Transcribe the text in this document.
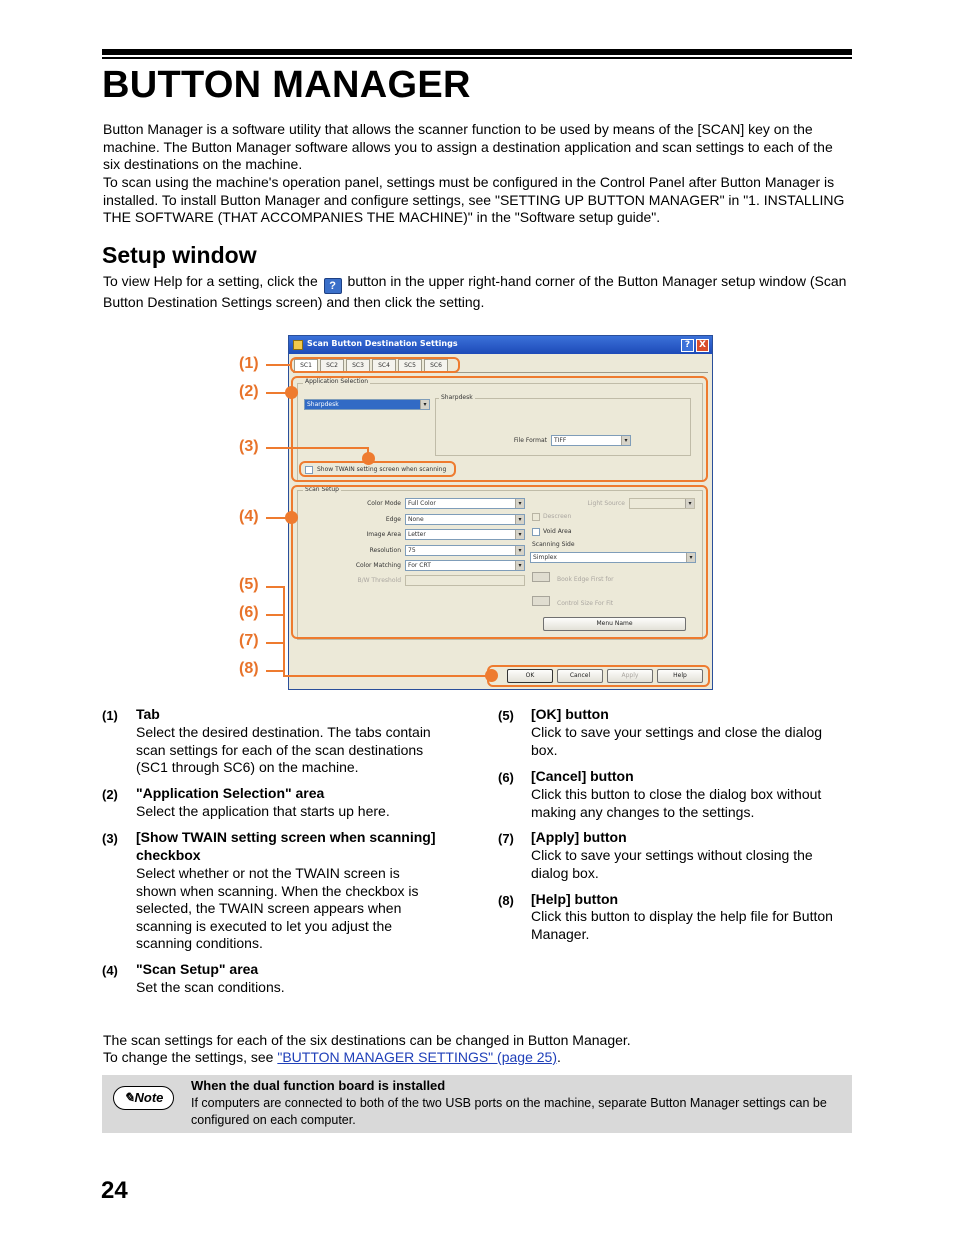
BUTTON MANAGER

Button Manager is a software utility that allows the scanner function to be used by means of the [SCAN] key on the machine. The Button Manager software allows you to assign a destination application and scan settings to each of the six destinations on the machine.

To scan using the machine's operation panel, settings must be configured in the Control Panel after Button Manager is installed. To install Button Manager and configure settings, see "SETTING UP BUTTON MANAGER" in "1. INSTALLING THE SOFTWARE (THAT ACCOMPANIES THE MACHINE)" in the "Software setup guide".

Setup window

To view Help for a setting, click the ? button in the upper right-hand corner of the Button Manager setup window (Scan Button Destination Settings screen) and then click the setting.

Scan Button Destination Settings	? X
SC1	SC2	SC3	SC4	SC5	SC6
Application Selection
Sharpdesk	▾
Sharpdesk
File Format	TIFF	▾
Show TWAIN setting screen when scanning
Scan Setup
Color Mode	Full Color	▾
Edge	None	▾
Image Area	Letter	▾
Resolution	75	▾
Color Matching	For CRT	▾
B/W Threshold
Light Source	▾
Descreen
Void Area
Scanning Side
Simplex	▾
Book Edge First for
Control Size For Fit
Menu Name
OK	Cancel	Apply	Help
(1)
(2)
(3)
(4)
(5)
(6)
(7)
(8)
(1) Tab
Select the desired destination. The tabs contain scan settings for each of the scan destinations (SC1 through SC6) on the machine.
(2) "Application Selection" area
Select the application that starts up here.
(3) [Show TWAIN setting screen when scanning] checkbox
Select whether or not the TWAIN screen is shown when scanning. When the checkbox is selected, the TWAIN screen appears when scanning is executed to let you adjust the scanning conditions.
(4) "Scan Setup" area
Set the scan conditions.
(5) [OK] button
Click to save your settings and close the dialog box.
(6) [Cancel] button
Click this button to close the dialog box without making any changes to the settings.
(7) [Apply] button
Click to save your settings without closing the dialog box.
(8) [Help] button
Click this button to display the help file for Button Manager.

The scan settings for each of the six destinations can be changed in Button Manager.

To change the settings, see "BUTTON MANAGER SETTINGS" (page 25).

✎Note
When the dual function board is installed
If computers are connected to both of the two USB ports on the machine, separate Button Manager settings can be configured on each computer.
24
